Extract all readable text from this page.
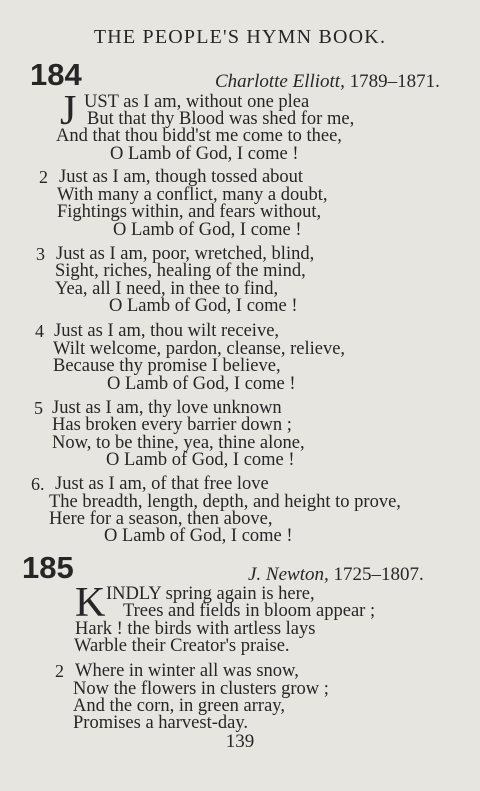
THE PEOPLE'S HYMN BOOK.
184	Charlotte Elliott, 1789–1871.
J UST as I am, without one plea
But that thy Blood was shed for me,
And that thou bidd'st me come to thee,
O Lamb of God, I come !
2 Just as I am, though tossed about
With many a conflict, many a doubt,
Fightings within, and fears without,
O Lamb of God, I come !
3 Just as I am, poor, wretched, blind,
Sight, riches, healing of the mind,
Yea, all I need, in thee to find,
O Lamb of God, I come !
4 Just as I am, thou wilt receive,
Wilt welcome, pardon, cleanse, relieve,
Because thy promise I believe,
O Lamb of God, I come !
5 Just as I am, thy love unknown
Has broken every barrier down ;
Now, to be thine, yea, thine alone,
O Lamb of God, I come !
6. Just as I am, of that free love
The breadth, length, depth, and height to prove,
Here for a season, then above,
O Lamb of God, I come !
185	J. Newton, 1725–1807.
K INDLY spring again is here,
Trees and fields in bloom appear ;
Hark ! the birds with artless lays
Warble their Creator's praise.
2 Where in winter all was snow,
Now the flowers in clusters grow ;
And the corn, in green array,
Promises a harvest-day.
139
